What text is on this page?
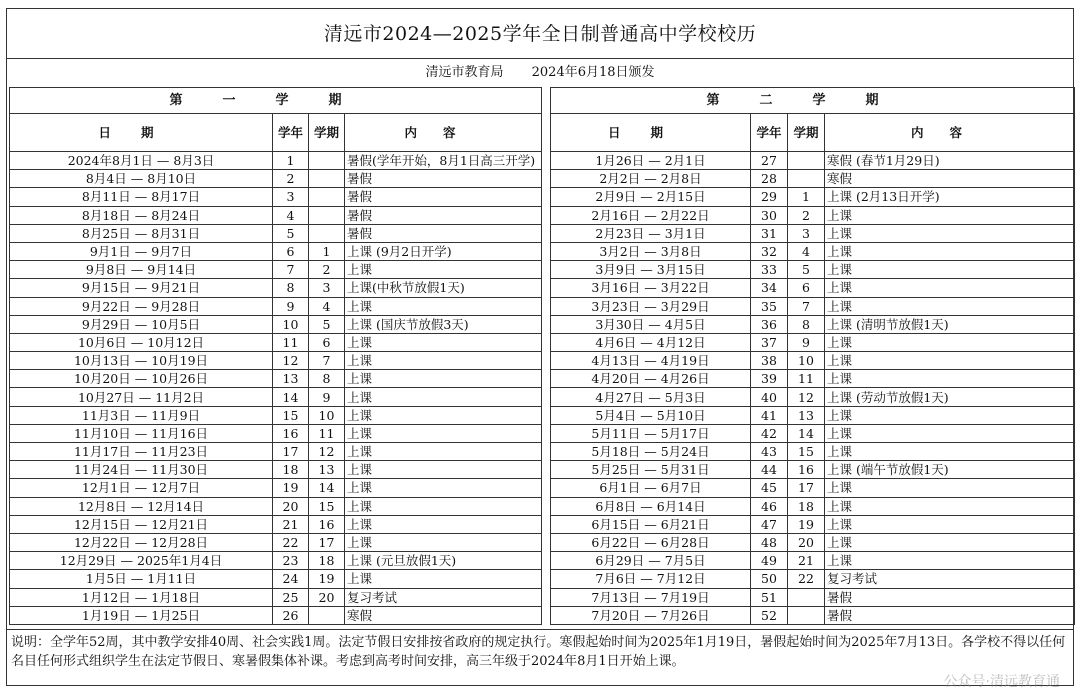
清远市2024—2025学年全日制普通高中学校校历
清远市教育局 2024年6月18日颁发
第一学期			
日期	学年	学期	内容
2024年8月1日 — 8月3日	1		暑假(学年开始，8月1日高三开学)
8月4日 — 8月10日	2		暑假
8月11日 — 8月17日	3		暑假
8月18日 — 8月24日	4		暑假
8月25日 — 8月31日	5		暑假
9月1日 — 9月7日	6	1	上课 (9月2日开学)
9月8日 — 9月14日	7	2	上课
9月15日 — 9月21日	8	3	上课(中秋节放假1天)
9月22日 — 9月28日	9	4	上课
9月29日 — 10月5日	10	5	上课 (国庆节放假3天)
10月6日 — 10月12日	11	6	上课
10月13日 — 10月19日	12	7	上课
10月20日 — 10月26日	13	8	上课
10月27日 — 11月2日	14	9	上课
11月3日 — 11月9日	15	10	上课
11月10日 — 11月16日	16	11	上课
11月17日 — 11月23日	17	12	上课
11月24日 — 11月30日	18	13	上课
12月1日 — 12月7日	19	14	上课
12月8日 — 12月14日	20	15	上课
12月15日 — 12月21日	21	16	上课
12月22日 — 12月28日	22	17	上课
12月29日 — 2025年1月4日	23	18	上课 (元旦放假1天)
1月5日 — 1月11日	24	19	上课
1月12日 — 1月18日	25	20	复习考试
1月19日 — 1月25日	26		寒假
第二学期			
日期	学年	学期	内容
1月26日 — 2月1日	27		寒假 (春节1月29日)
2月2日 — 2月8日	28		寒假
2月9日 — 2月15日	29	1	上课 (2月13日开学)
2月16日 — 2月22日	30	2	上课
2月23日 — 3月1日	31	3	上课
3月2日 — 3月8日	32	4	上课
3月9日 — 3月15日	33	5	上课
3月16日 — 3月22日	34	6	上课
3月23日 — 3月29日	35	7	上课
3月30日 — 4月5日	36	8	上课 (清明节放假1天)
4月6日 — 4月12日	37	9	上课
4月13日 — 4月19日	38	10	上课
4月20日 — 4月26日	39	11	上课
4月27日 — 5月3日	40	12	上课 (劳动节放假1天)
5月4日 — 5月10日	41	13	上课
5月11日 — 5月17日	42	14	上课
5月18日 — 5月24日	43	15	上课
5月25日 — 5月31日	44	16	上课 (端午节放假1天)
6月1日 — 6月7日	45	17	上课
6月8日 — 6月14日	46	18	上课
6月15日 — 6月21日	47	19	上课
6月22日 — 6月28日	48	20	上课
6月29日 — 7月5日	49	21	上课
7月6日 — 7月12日	50	22	复习考试
7月13日 — 7月19日	51		暑假
7月20日 — 7月26日	52		暑假
说明：全学年52周，其中教学安排40周、社会实践1周。法定节假日安排按省政府的规定执行。寒假起始时间为2025年1月19日，暑假起始时间为2025年7月13日。各学校不得以任何名目任何形式组织学生在法定节假日、寒暑假集体补课。考虑到高考时间安排，高三年级于2024年8月1日开始上课。
公众号·清远教育通
